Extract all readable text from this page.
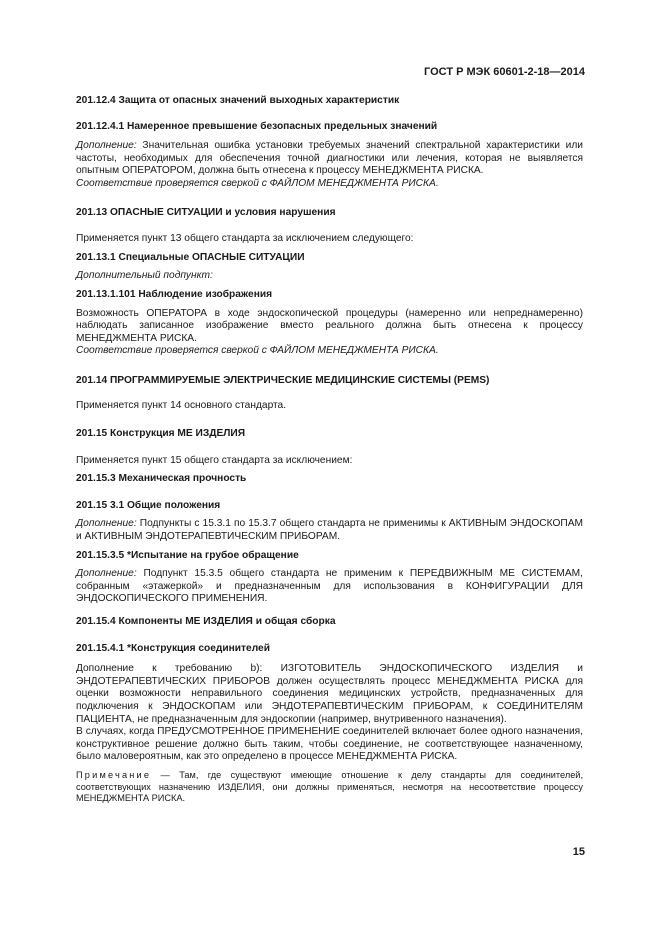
ГОСТ Р МЭК 60601-2-18—2014

201.12.4 Защита от опасных значений выходных характеристик

201.12.4.1 Намеренное превышение безопасных предельных значений

Дополнение: Значительная ошибка установки требуемых значений спектральной характеристики или частоты, необходимых для обеспечения точной диагностики или лечения, которая не выявляется опытным ОПЕРАТОРОМ, должна быть отнесена к процессу МЕНЕДЖМЕНТА РИСКА.

Соответствие проверяется сверкой с ФАЙЛОМ МЕНЕДЖМЕНТА РИСКА.

201.13 ОПАСНЫЕ СИТУАЦИИ и условия нарушения

Применяется пункт 13 общего стандарта за исключением следующего:

201.13.1 Специальные ОПАСНЫЕ СИТУАЦИИ

Дополнительный подпункт:

201.13.1.101 Наблюдение изображения

Возможность ОПЕРАТОРА в ходе эндоскопической процедуры (намеренно или непреднамеренно) наблюдать записанное изображение вместо реального должна быть отнесена к процессу МЕНЕДЖМЕНТА РИСКА.

Соответствие проверяется сверкой с ФАЙЛОМ МЕНЕДЖМЕНТА РИСКА.

201.14 ПРОГРАММИРУЕМЫЕ ЭЛЕКТРИЧЕСКИЕ МЕДИЦИНСКИЕ СИСТЕМЫ (PEMS)

Применяется пункт 14 основного стандарта.

201.15 Конструкция МЕ ИЗДЕЛИЯ

Применяется пункт 15 общего стандарта за исключением:

201.15.3 Механическая прочность

201.15 3.1 Общие положения

Дополнение: Подпункты с 15.3.1 по 15.3.7 общего стандарта не применимы к АКТИВНЫМ ЭНДОСКОПАМ и АКТИВНЫМ ЭНДОТЕРАПЕВТИЧЕСКИМ ПРИБОРАМ.

201.15.3.5 *Испытание на грубое обращение

Дополнение: Подпункт 15.3.5 общего стандарта не применим к ПЕРЕДВИЖНЫМ МЕ СИСТЕМАМ, собранным «этажеркой» и предназначенным для использования в КОНФИГУРАЦИИ ДЛЯ ЭНДОСКОПИЧЕСКОГО ПРИМЕНЕНИЯ.

201.15.4 Компоненты МЕ ИЗДЕЛИЯ и общая сборка

201.15.4.1 *Конструкция соединителей

Дополнение к требованию b): ИЗГОТОВИТЕЛЬ ЭНДОСКОПИЧЕСКОГО ИЗДЕЛИЯ и ЭНДОТЕРАПЕВТИЧЕСКИХ ПРИБОРОВ должен осуществлять процесс МЕНЕДЖМЕНТА РИСКА для оценки возможности неправильного соединения медицинских устройств, предназначенных для подключения к ЭНДОСКОПАМ или ЭНДОТЕРАПЕВТИЧЕСКИМ ПРИБОРАМ, к СОЕДИНИТЕЛЯМ ПАЦИЕНТА, не предназначенным для эндоскопии (например, внутривенного назначения).

В случаях, когда ПРЕДУСМОТРЕННОЕ ПРИМЕНЕНИЕ соединителей включает более одного назначения, конструктивное решение должно быть таким, чтобы соединение, не соответствующее назначенному, было маловероятным, как это определено в процессе МЕНЕДЖМЕНТА РИСКА.

Примечание — Там, где существуют имеющие отношение к делу стандарты для соединителей, соответствующих назначению ИЗДЕЛИЯ, они должны применяться, несмотря на несоответствие процессу МЕНЕДЖМЕНТА РИСКА.

15
